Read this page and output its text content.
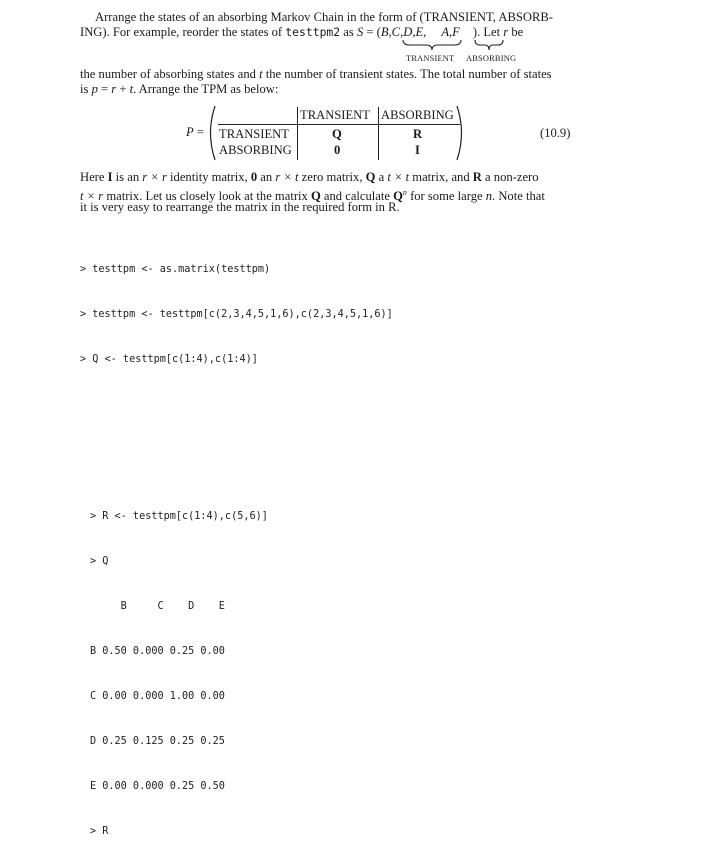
Arrange the states of an absorbing Markov Chain in the form of (TRANSIENT, ABSORB-
ING). For example, reorder the states of testtpm2 as S = (B,C,D,E, A,F ). Let r be
TRANSIENT ABSORBING
the number of absorbing states and t the number of transient states. The total number of states
is p = r + t. Arrange the TPM as below:
P =
TRANSIENT ABSORBING
TRANSIENT
ABSORBING
Q	R
0	I
(10.9)
Here I is an r × r identity matrix, 0 an r × t zero matrix, Q a t × t matrix, and R a non-zero
t × r matrix. Let us closely look at the matrix Q and calculate $Q^n$ for some large n. Note that
it is very easy to rearrange the matrix in the required form in R.

> testtpm <- as.matrix(testtpm)

> testtpm <- testtpm[c(2,3,4,5,1,6),c(2,3,4,5,1,6)]

> Q <- testtpm[c(1:4),c(1:4)]

> R <- testtpm[c(1:4),c(5,6)]

> Q

B     C    D    E

B 0.50 0.000 0.25 0.00

C 0.00 0.000 1.00 0.00

D 0.25 0.125 0.25 0.25

E 0.00 0.000 0.25 0.50

> R
